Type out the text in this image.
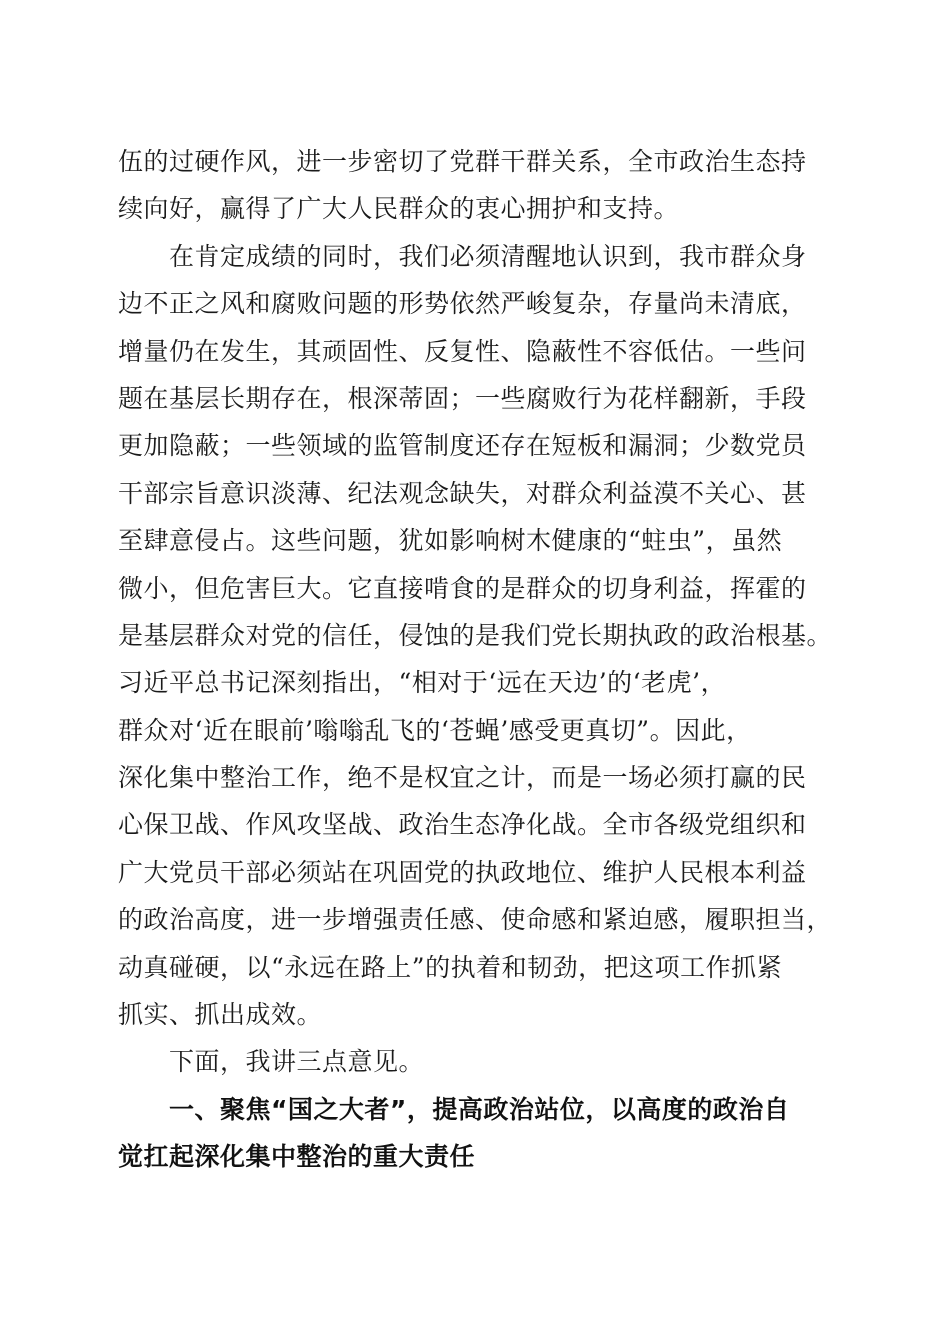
伍的过硬作风，进一步密切了党群干群关系，全市政治生态持
续向好，赢得了广大人民群众的衷心拥护和支持。
　　在肯定成绩的同时，我们必须清醒地认识到，我市群众身
边不正之风和腐败问题的形势依然严峻复杂，存量尚未清底，
增量仍在发生，其顽固性、反复性、隐蔽性不容低估。一些问
题在基层长期存在，根深蒂固；一些腐败行为花样翻新，手段
更加隐蔽；一些领域的监管制度还存在短板和漏洞；少数党员
干部宗旨意识淡薄、纪法观念缺失，对群众利益漠不关心、甚
至肆意侵占。这些问题，犹如影响树木健康的“蛀虫”，虽然
微小，但危害巨大。它直接啃食的是群众的切身利益，挥霍的
是基层群众对党的信任，侵蚀的是我们党长期执政的政治根基。
习近平总书记深刻指出，“相对于‘远在天边’的‘老虎’，
群众对‘近在眼前’嗡嗡乱飞的‘苍蝇’感受更真切”。因此，
深化集中整治工作，绝不是权宜之计，而是一场必须打赢的民
心保卫战、作风攻坚战、政治生态净化战。全市各级党组织和
广大党员干部必须站在巩固党的执政地位、维护人民根本利益
的政治高度，进一步增强责任感、使命感和紧迫感，履职担当，
动真碰硬，以“永远在路上”的执着和韧劲，把这项工作抓紧
抓实、抓出成效。
　　下面，我讲三点意见。
　　一、聚焦“国之大者”，提高政治站位，以高度的政治自
觉扛起深化集中整治的重大责任
